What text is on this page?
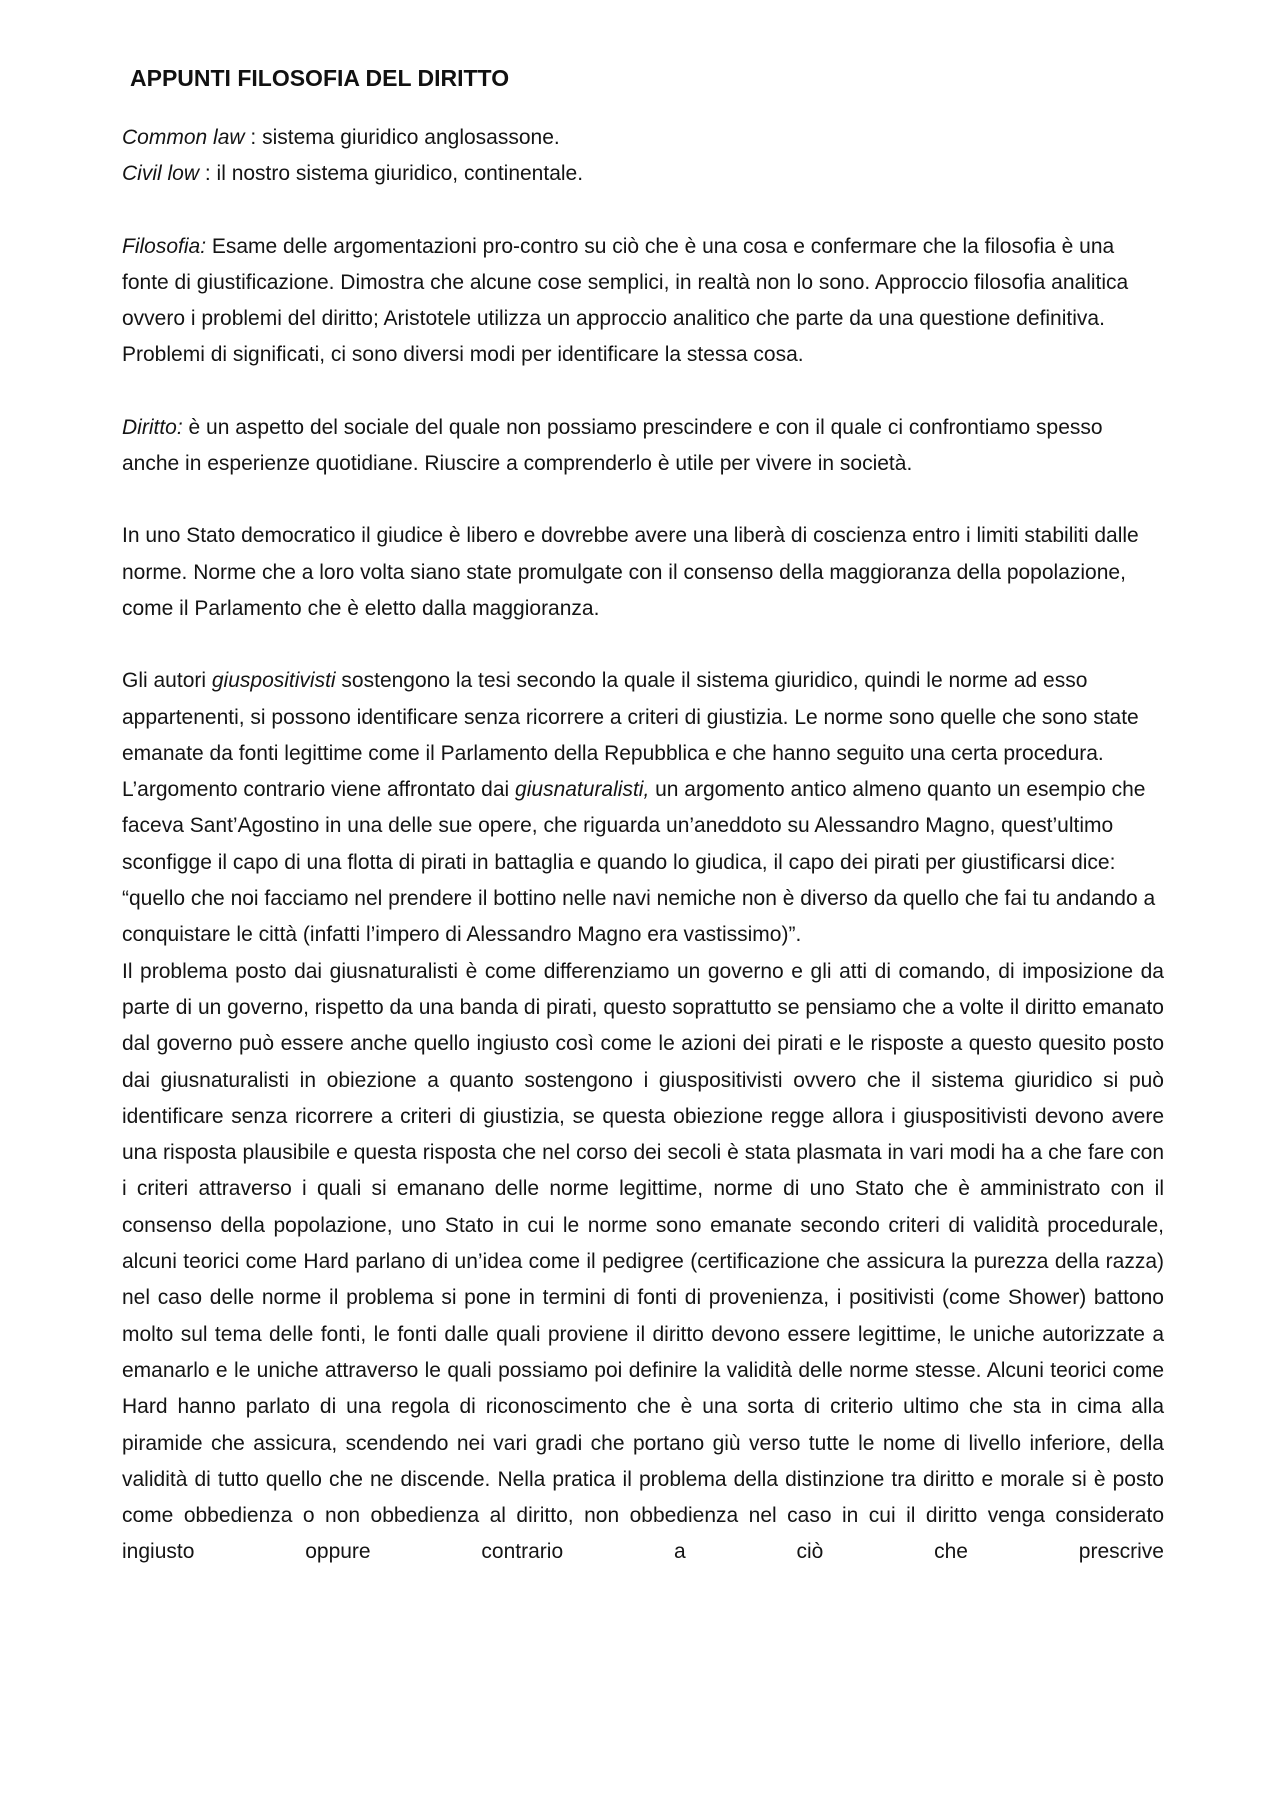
APPUNTI FILOSOFIA DEL DIRITTO

Common law : sistema giuridico anglosassone.

Civil low : il nostro sistema giuridico, continentale.

Filosofia: Esame delle argomentazioni pro-contro su ciò che è una cosa e confermare che la filosofia è una fonte di giustificazione. Dimostra che alcune cose semplici, in realtà non lo sono. Approccio filosofia analitica ovvero i problemi del diritto; Aristotele utilizza un approccio analitico che parte da una questione definitiva. Problemi di significati, ci sono diversi modi per identificare la stessa cosa.

Diritto: è un aspetto del sociale del quale non possiamo prescindere e con il quale ci confrontiamo spesso anche in esperienze quotidiane. Riuscire a comprenderlo è utile per vivere in società.

In uno Stato democratico il giudice è libero e dovrebbe avere una liberà di coscienza entro i limiti stabiliti dalle norme. Norme che a loro volta siano state promulgate con il consenso della maggioranza della popolazione, come il Parlamento che è eletto dalla maggioranza.

Gli autori giuspositivisti sostengono la tesi secondo la quale il sistema giuridico, quindi le norme ad esso appartenenti, si possono identificare senza ricorrere a criteri di giustizia. Le norme sono quelle che sono state emanate da fonti legittime come il Parlamento della Repubblica e che hanno seguito una certa procedura.

L’argomento contrario viene affrontato dai giusnaturalisti, un argomento antico almeno quanto un esempio che faceva Sant’Agostino in una delle sue opere, che riguarda un’aneddoto su Alessandro Magno, quest’ultimo sconfigge il capo di una flotta di pirati in battaglia e quando lo giudica, il capo dei pirati per giustificarsi dice: “quello che noi facciamo nel prendere il bottino nelle navi nemiche non è diverso da quello che fai tu andando a conquistare le città (infatti l’impero di Alessandro Magno era vastissimo)”.

Il problema posto dai giusnaturalisti è come differenziamo un governo e gli atti di comando, di imposizione da parte di un governo, rispetto da una banda di pirati, questo soprattutto se pensiamo che a volte il diritto emanato dal governo può essere anche quello ingiusto così come le azioni dei pirati e le risposte a questo quesito posto dai giusnaturalisti in obiezione a quanto sostengono i giuspositivisti ovvero che il sistema giuridico si può identificare senza ricorrere a criteri di giustizia, se questa obiezione regge allora i giuspositivisti devono avere una risposta plausibile e questa risposta che nel corso dei secoli è stata plasmata in vari modi ha a che fare con i criteri attraverso i quali si emanano delle norme legittime, norme di uno Stato che è amministrato con il consenso della popolazione, uno Stato in cui le norme sono emanate secondo criteri di validità procedurale, alcuni teorici come Hard parlano di un’idea come il pedigree (certificazione che assicura la purezza della razza) nel caso delle norme il problema si pone in termini di fonti di provenienza, i positivisti (come Shower) battono molto sul tema delle fonti, le fonti dalle quali proviene il diritto devono essere legittime, le uniche autorizzate a emanarlo e le uniche attraverso le quali possiamo poi definire la validità delle norme stesse. Alcuni teorici come Hard hanno parlato di una regola di riconoscimento che è una sorta di criterio ultimo che sta in cima alla piramide che assicura, scendendo nei vari gradi che portano giù verso tutte le nome di livello inferiore, della validità di tutto quello che ne discende. Nella pratica il problema della distinzione tra diritto e morale si è posto come obbedienza o non obbedienza al diritto, non obbedienza nel caso in cui il diritto venga considerato ingiusto oppure contrario a ciò che prescrive
